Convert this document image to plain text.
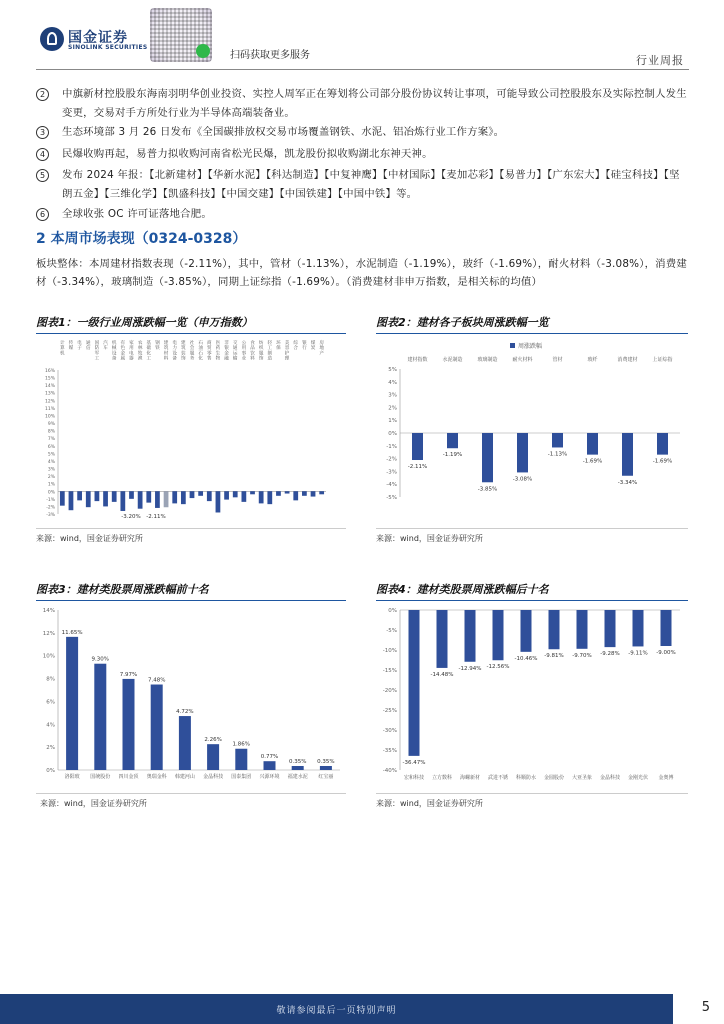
国金证券
SINOLINK SECURITIES
扫码获取更多服务	行业周报
2	中旗新材控股股东海南羽明华创业投资、实控人周军正在筹划将公司部分股份协议转让事项，可能导致公司控股股东及实际控制人发生变更，交易对手方所处行业为半导体高端装备业。
3	生态环境部 3 月 26 日发布《全国碳排放权交易市场覆盖钢铁、水泥、铝冶炼行业工作方案》。
4	民爆收购再起，易普力拟收购河南省松光民爆，凯龙股份拟收购湖北东神天神。
5	发布 2024 年报：【北新建材】【华新水泥】【科达制造】【中复神鹰】【中材国际】【麦加芯彩】【易普力】【广东宏大】【硅宝科技】【坚朗五金】【三维化学】【凯盛科技】【中国交建】【中国铁建】【中国中铁】等。
6	全球收张 OC 许可证落地合肥。
2 本周市场表现（0324-0328）
板块整体：本周建材指数表现（-2.11%），其中，管材（-1.13%），水泥制造（-1.19%），玻纤（-1.69%），耐火材料（-3.08%），消费建材（-3.34%），玻璃制造（-3.85%），同期上证综指（-1.69%）。（消费建材非申万指数，是相关标的均值）
图表1：一级行业周涨跌幅一览（申万指数）
计
算
机
传
媒
电
子
通
信
国
防
军
工
汽
车
机
械
设
备
有
色
金
属
家
用
电
器
农
林
牧
渔
基
础
化
工
钢
铁
建
筑
材
料
电
力
设
备
建
筑
装
饰
社
会
服
务
石
油
石
化
商
贸
零
售
医
药
生
物
非
银
金
融
交
通
运
输
公
用
事
业
食
品
饮
料
纺
织
服
饰
轻
工
制
造
环
保
美
容
护
理
综
合
银
行
煤
炭
房
地
产
16%
15%
14%
13%
12%
11%
10%
9%
8%
7%
6%
5%
4%
3%
2%
1%
0%
-1%
-2%
-3%	-3.20% -2.11%
来源：wind，国金证券研究所
图表2：建材各子板块周涨跌幅一览
周涨跌幅
5%
4%
3%
2%
1%
0%
-1%
-2%
-3%
-4%
-5%
建材指数
-2.11%
水泥制造
-1.19%
玻璃制造
-3.85%
耐火材料
-3.08%
管材
-1.13%
玻纤
-1.69%
消费建材
-3.34%
上证综指
-1.69%
来源：wind，国金证券研究所
图表3：建材类股票周涨跌幅前十名
14%
12%
10%
8%
6%
4%
2%
0%
11.65%
洛阳玻
9.30%
国统股份
7.97%
四川金顶
7.48%
奥瑞金科
4.72%
韩建河山
2.26%
金晶科技
1.86%
国泰集团
0.77%
兴源环境
0.35%
福建水泥
0.35%
红宝丽
来源：wind，国金证券研究所
图表4：建材类股票周涨跌幅后十名
0%
-5%
-10%
-15%
-20%
-25%
-30%
-35%
-40%
-36.47%
宏和科技
-14.48%
立方数科
-12.94%
海螺新材
-12.56%
武进不锈
-10.46%
科顺防水
-9.81%
金圆股份
-9.70%
大亚圣象
-9.28%
金晶科技
-9.11%
金刚光伏
-9.00%
金奥博
来源：wind，国金证券研究所
敬请参阅最后一页特别声明	5
